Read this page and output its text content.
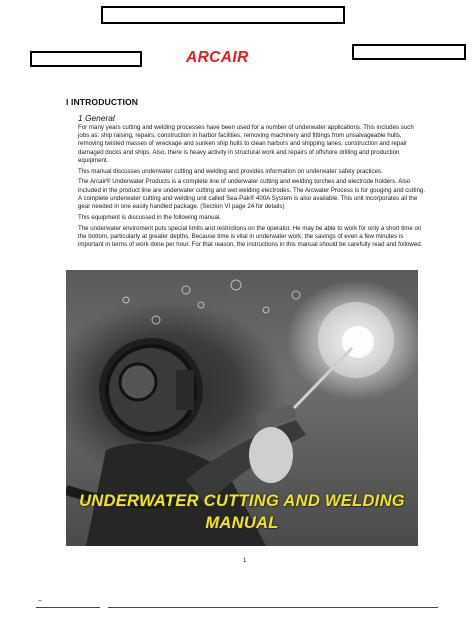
ARCAIR
I INTRODUCTION
1 General

For many years cutting and welding processes have been used for a number of underwater applications. This includes such jobs as: ship raising, repairs, construction in harbor facilities, removing machinery and fittings from unsalvageable hulls, removing twisted masses of wreckage and sunken ship hulls to clean harbors and shipping lanes, construction and repair damaged docks and ships. Also, there is heavy activity in structural work and repairs of offshore drilling and production equipment.

This manual discusses underwater cutting and welding and provides information on underwater safety practices.

The Arcair® Underwater Products is a complete line of underwater cutting and welding torches and electrode holders. Also included in the product line are underwater cutting and wet welding electrodes. The Arcwater Process is for gouging and cutting. A complete underwater cutting and welding unit called Sea-Pak® 400A System is also available. This unit incorporates all the gear needed in one easily handled package. (Section VI page 24 for details)

This equipment is discussed in the following manual.

The underwater enviroment puts special limits and restrictions on the operator. He may be able to work for only a short time on the bottom, particularly at greater depths. Because time is vital in underwater work, the savings of even a few minutes is important in terms of work done per hour. For that reason, the instructions in this manual should be carefully read and followed.

UNDERWATER CUTTING AND WELDING
MANUAL
1
""
